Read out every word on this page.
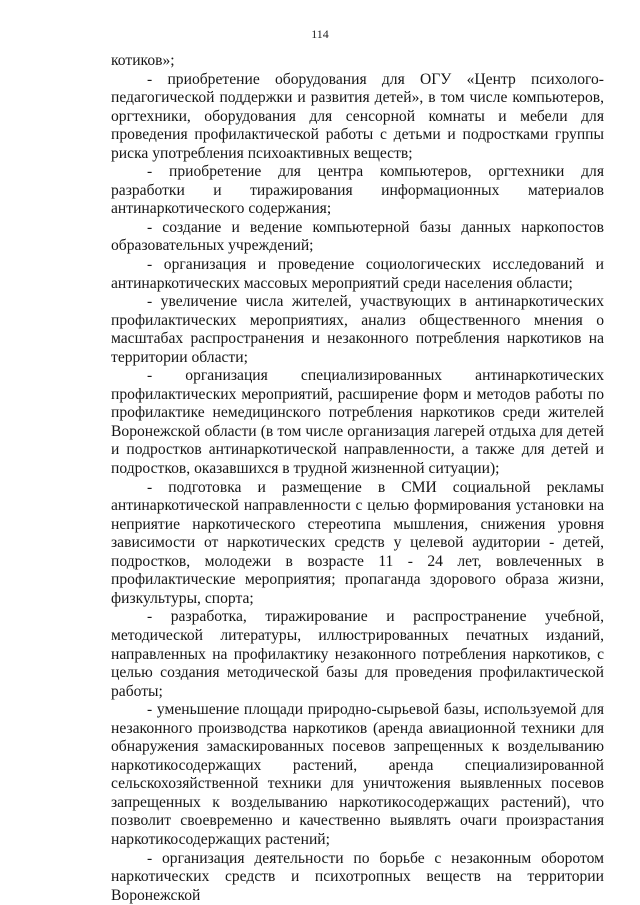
114

котиков»;

- приобретение оборудования для ОГУ «Центр психолого-педагогической поддержки и развития детей», в том числе компьютеров, оргтехники, оборудования для сенсорной комнаты и мебели для проведения профилактической работы с детьми и подростками группы риска употребления психоактивных веществ;

- приобретение для центра компьютеров, оргтехники для разработки и тиражирования информационных материалов антинаркотического содержания;

- создание и ведение компьютерной базы данных наркопостов образовательных учреждений;

- организация и проведение социологических исследований и антинаркотических массовых мероприятий среди населения области;

- увеличение числа жителей, участвующих в антинаркотических профилактических мероприятиях, анализ общественного мнения о масштабах распространения и незаконного потребления наркотиков на территории области;

- организация специализированных антинаркотических профилактических мероприятий, расширение форм и методов работы по профилактике немедицинского потребления наркотиков среди жителей Воронежской области (в том числе организация лагерей отдыха для детей и подростков антинаркотической направленности, а также для детей и подростков, оказавшихся в трудной жизненной ситуации);

- подготовка и размещение в СМИ социальной рекламы антинаркотической направленности с целью формирования установки на неприятие наркотического стереотипа мышления, снижения уровня зависимости от наркотических средств у целевой аудитории - детей, подростков, молодежи в возрасте 11 - 24 лет, вовлеченных в профилактические мероприятия; пропаганда здорового образа жизни, физкультуры, спорта;

- разработка, тиражирование и распространение учебной, методической литературы, иллюстрированных печатных изданий, направленных на профилактику незаконного потребления наркотиков, с целью создания методической базы для проведения профилактической работы;

- уменьшение площади природно-сырьевой базы, используемой для незаконного производства наркотиков (аренда авиационной техники для обнаружения замаскированных посевов запрещенных к возделыванию наркотикосодержащих растений, аренда специализированной сельскохозяйственной техники для уничтожения выявленных посевов запрещенных к возделыванию наркотикосодержащих растений), что позволит своевременно и качественно выявлять очаги произрастания наркотикосодержащих растений;

- организация деятельности по борьбе с незаконным оборотом наркотических средств и психотропных веществ на территории Воронежской
